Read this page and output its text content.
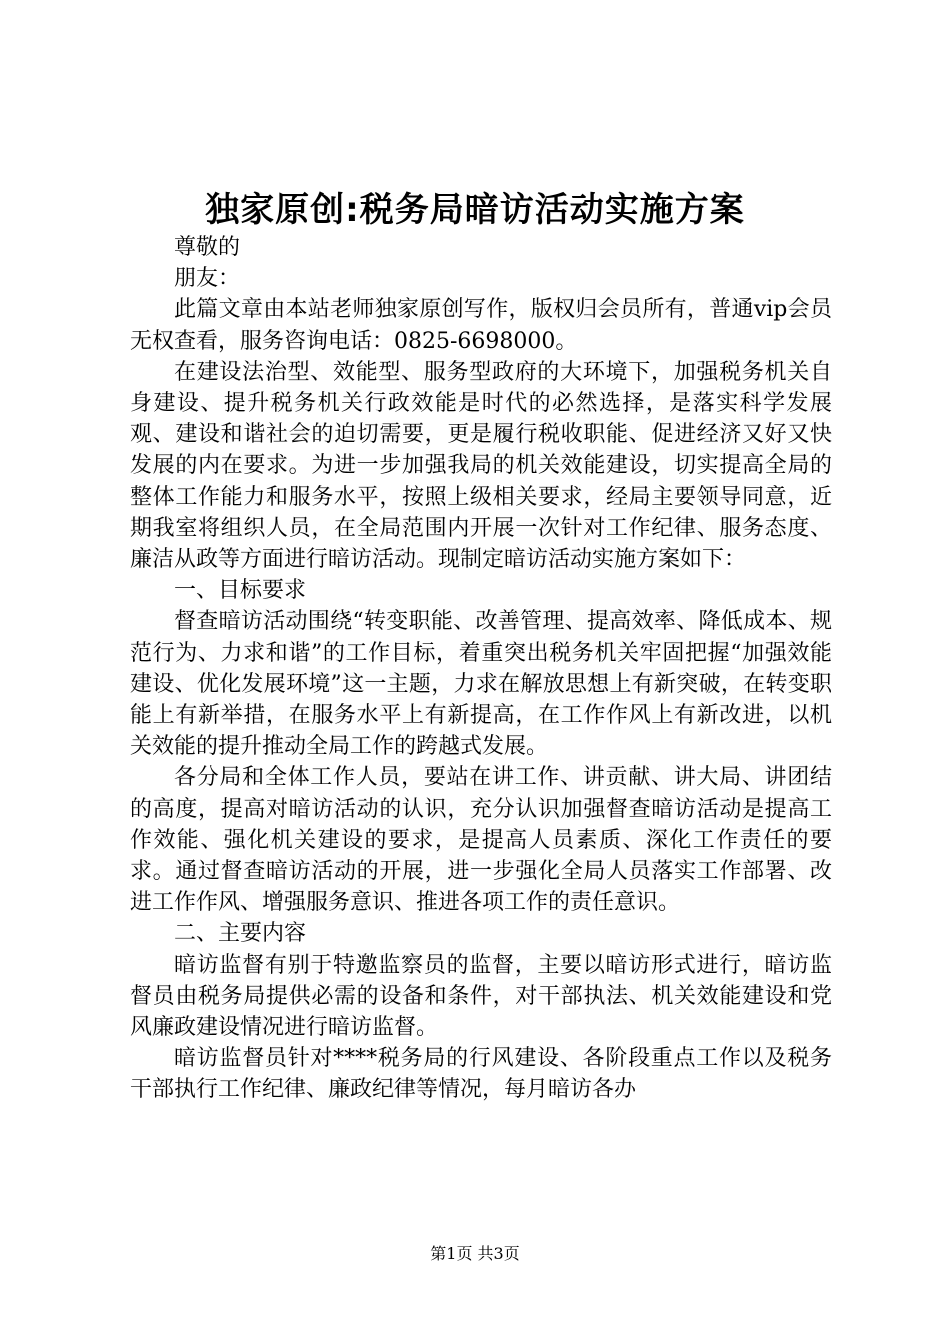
独家原创:税务局暗访活动实施方案

尊敬的

朋友：

此篇文章由本站老师独家原创写作，版权归会员所有，普通vip会员无权查看，服务咨询电话：0825-6698000。

在建设法治型、效能型、服务型政府的大环境下，加强税务机关自身建设、提升税务机关行政效能是时代的必然选择，是落实科学发展观、建设和谐社会的迫切需要，更是履行税收职能、促进经济又好又快发展的内在要求。为进一步加强我局的机关效能建设，切实提高全局的整体工作能力和服务水平，按照上级相关要求，经局主要领导同意，近期我室将组织人员，在全局范围内开展一次针对工作纪律、服务态度、廉洁从政等方面进行暗访活动。现制定暗访活动实施方案如下：

一、目标要求

督查暗访活动围绕“转变职能、改善管理、提高效率、降低成本、规范行为、力求和谐”的工作目标，着重突出税务机关牢固把握“加强效能建设、优化发展环境”这一主题，力求在解放思想上有新突破，在转变职能上有新举措，在服务水平上有新提高，在工作作风上有新改进，以机关效能的提升推动全局工作的跨越式发展。

各分局和全体工作人员，要站在讲工作、讲贡献、讲大局、讲团结的高度，提高对暗访活动的认识，充分认识加强督查暗访活动是提高工作效能、强化机关建设的要求，是提高人员素质、深化工作责任的要求。通过督查暗访活动的开展，进一步强化全局人员落实工作部署、改进工作作风、增强服务意识、推进各项工作的责任意识。

二、主要内容

暗访监督有别于特邀监察员的监督，主要以暗访形式进行，暗访监督员由税务局提供必需的设备和条件，对干部执法、机关效能建设和党风廉政建设情况进行暗访监督。

暗访监督员针对****税务局的行风建设、各阶段重点工作以及税务干部执行工作纪律、廉政纪律等情况，每月暗访各办

第1页 共3页
